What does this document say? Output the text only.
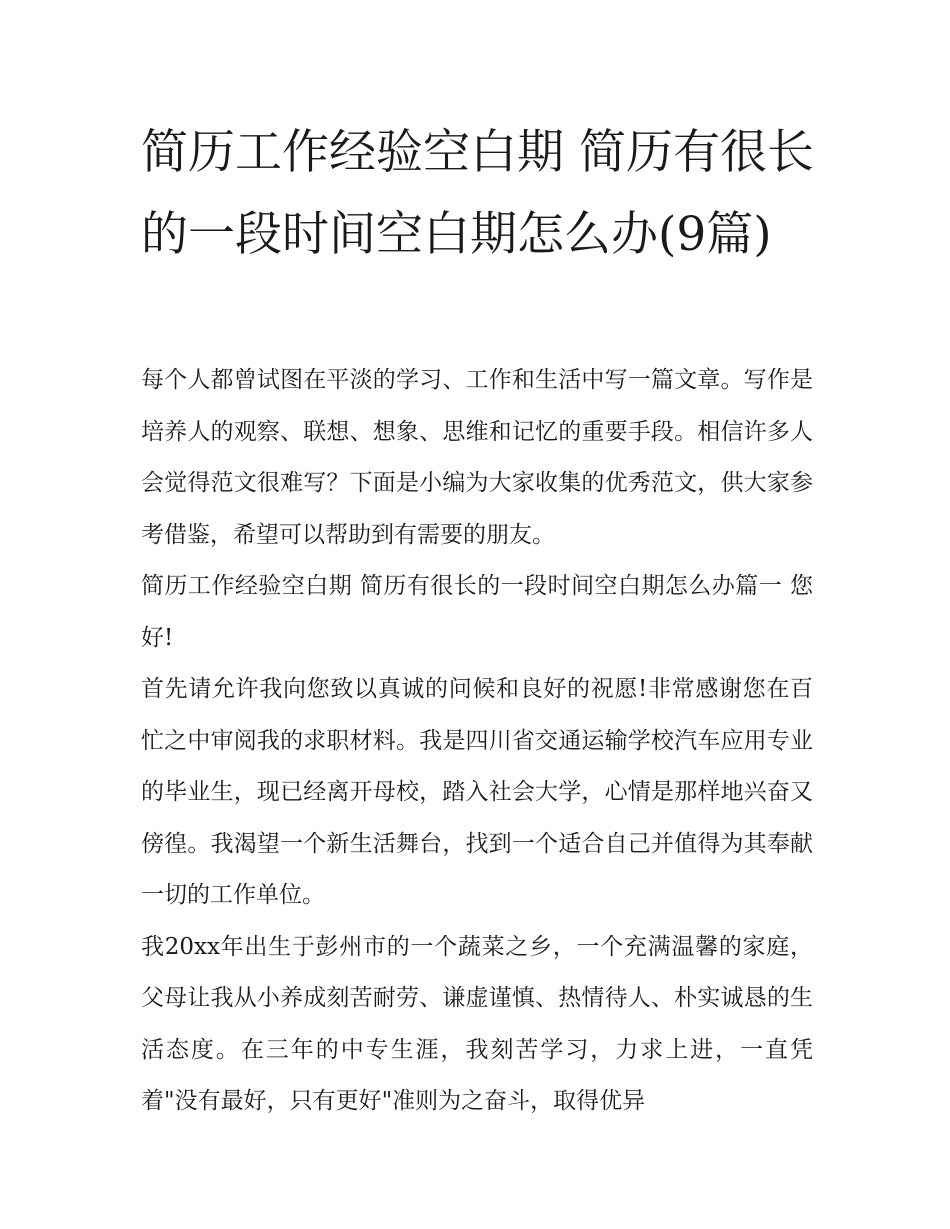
简历工作经验空白期 简历有很长的一段时间空白期怎么办(9篇)

每个人都曾试图在平淡的学习、工作和生活中写一篇文章。写作是培养人的观察、联想、想象、思维和记忆的重要手段。相信许多人会觉得范文很难写？下面是小编为大家收集的优秀范文，供大家参考借鉴，希望可以帮助到有需要的朋友。

简历工作经验空白期 简历有很长的一段时间空白期怎么办篇一 您好!

首先请允许我向您致以真诚的问候和良好的祝愿!非常感谢您在百忙之中审阅我的求职材料。我是四川省交通运输学校汽车应用专业的毕业生，现已经离开母校，踏入社会大学，心情是那样地兴奋又傍徨。我渴望一个新生活舞台，找到一个适合自己并值得为其奉献一切的工作单位。

我20xx年出生于彭州市的一个蔬菜之乡，一个充满温馨的家庭，父母让我从小养成刻苦耐劳、谦虚谨慎、热情待人、朴实诚恳的生活态度。在三年的中专生涯，我刻苦学习，力求上进，一直凭着"没有最好，只有更好"准则为之奋斗，取得优异
